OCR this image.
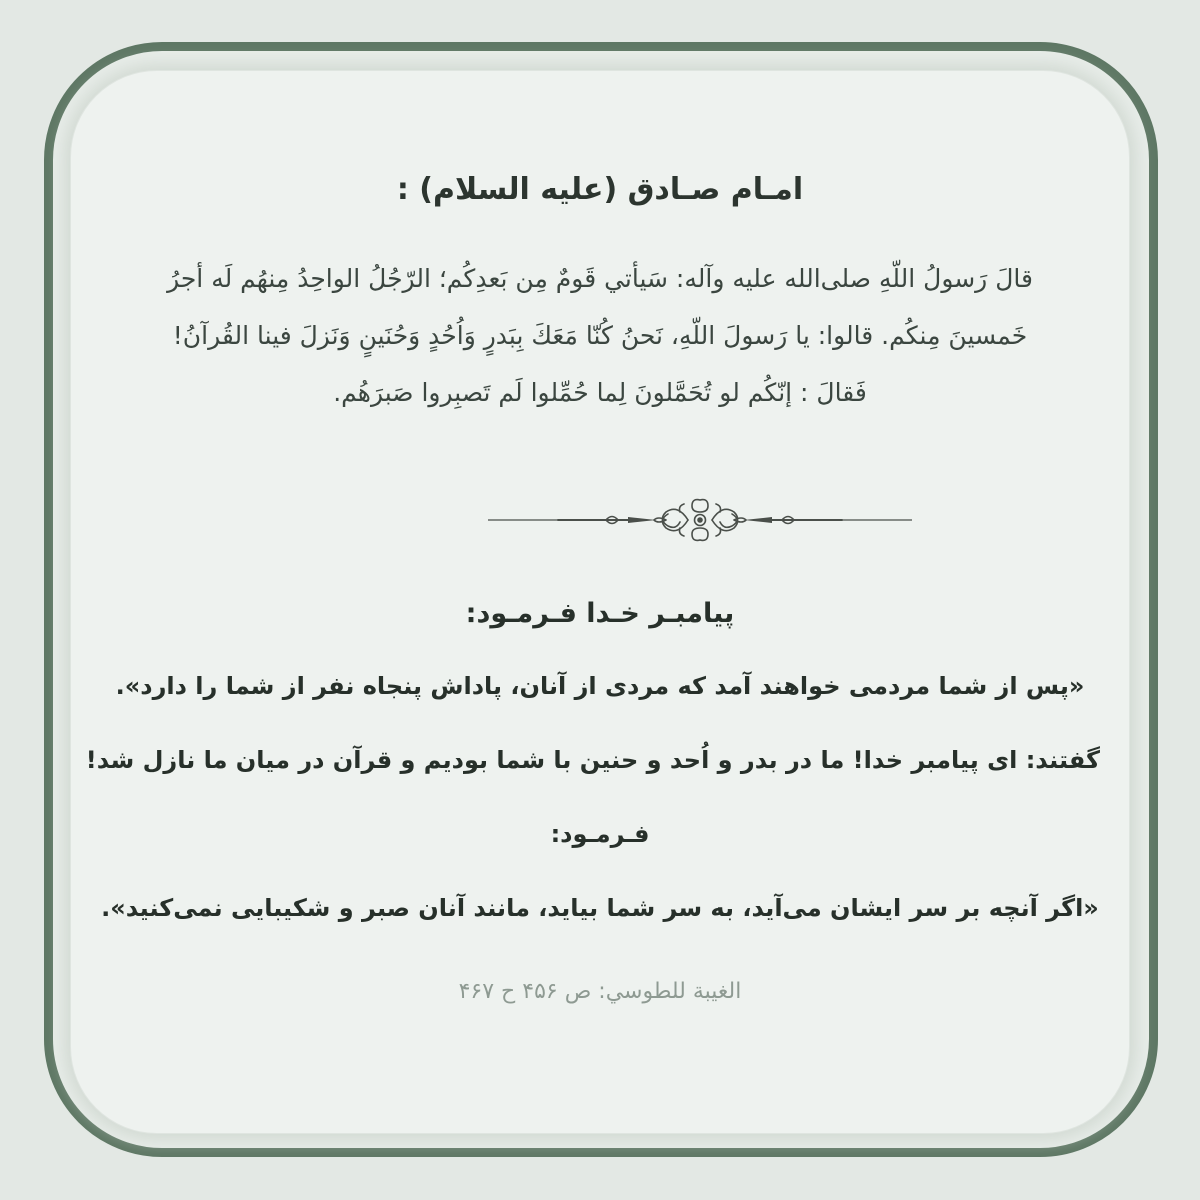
امـام صـادق (علیه السلام) :
قالَ رَسولُ اللّهِ صلى‌الله عليه وآله: سَيأتي قَومٌ مِن بَعدِكُم؛ الرّجُلُ الواحِدُ مِنهُم لَه أجرُ
خَمسينَ مِنكُم. قالوا: يا رَسولَ اللّهِ، نَحنُ كُنّا مَعَكَ بِبَدرٍ وَاُحُدٍ وَحُنَينٍ وَنَزلَ فينا القُرآنُ!
فَقالَ : إنّكُم لو تُحَمَّلونَ لِما حُمِّلوا لَم تَصبِروا صَبرَهُم.
پیامبـر خـدا فـرمـود:
«پس از شما مردمی خواهند آمد که مردی از آنان، پاداش پنجاه نفر از شما را دارد».
گفتند: ای پیامبر خدا! ما در بدر و اُحد و حنین با شما بودیم و قرآن در میان ما نازل شد!
فـرمـود:
«اگر آنچه بر سر ایشان می‌آید، به سر شما بیاید، مانند آنان صبر و شکیبایی نمی‌کنید».
الغيبة للطوسي: ص ۴۵۶ ح ۴۶۷
